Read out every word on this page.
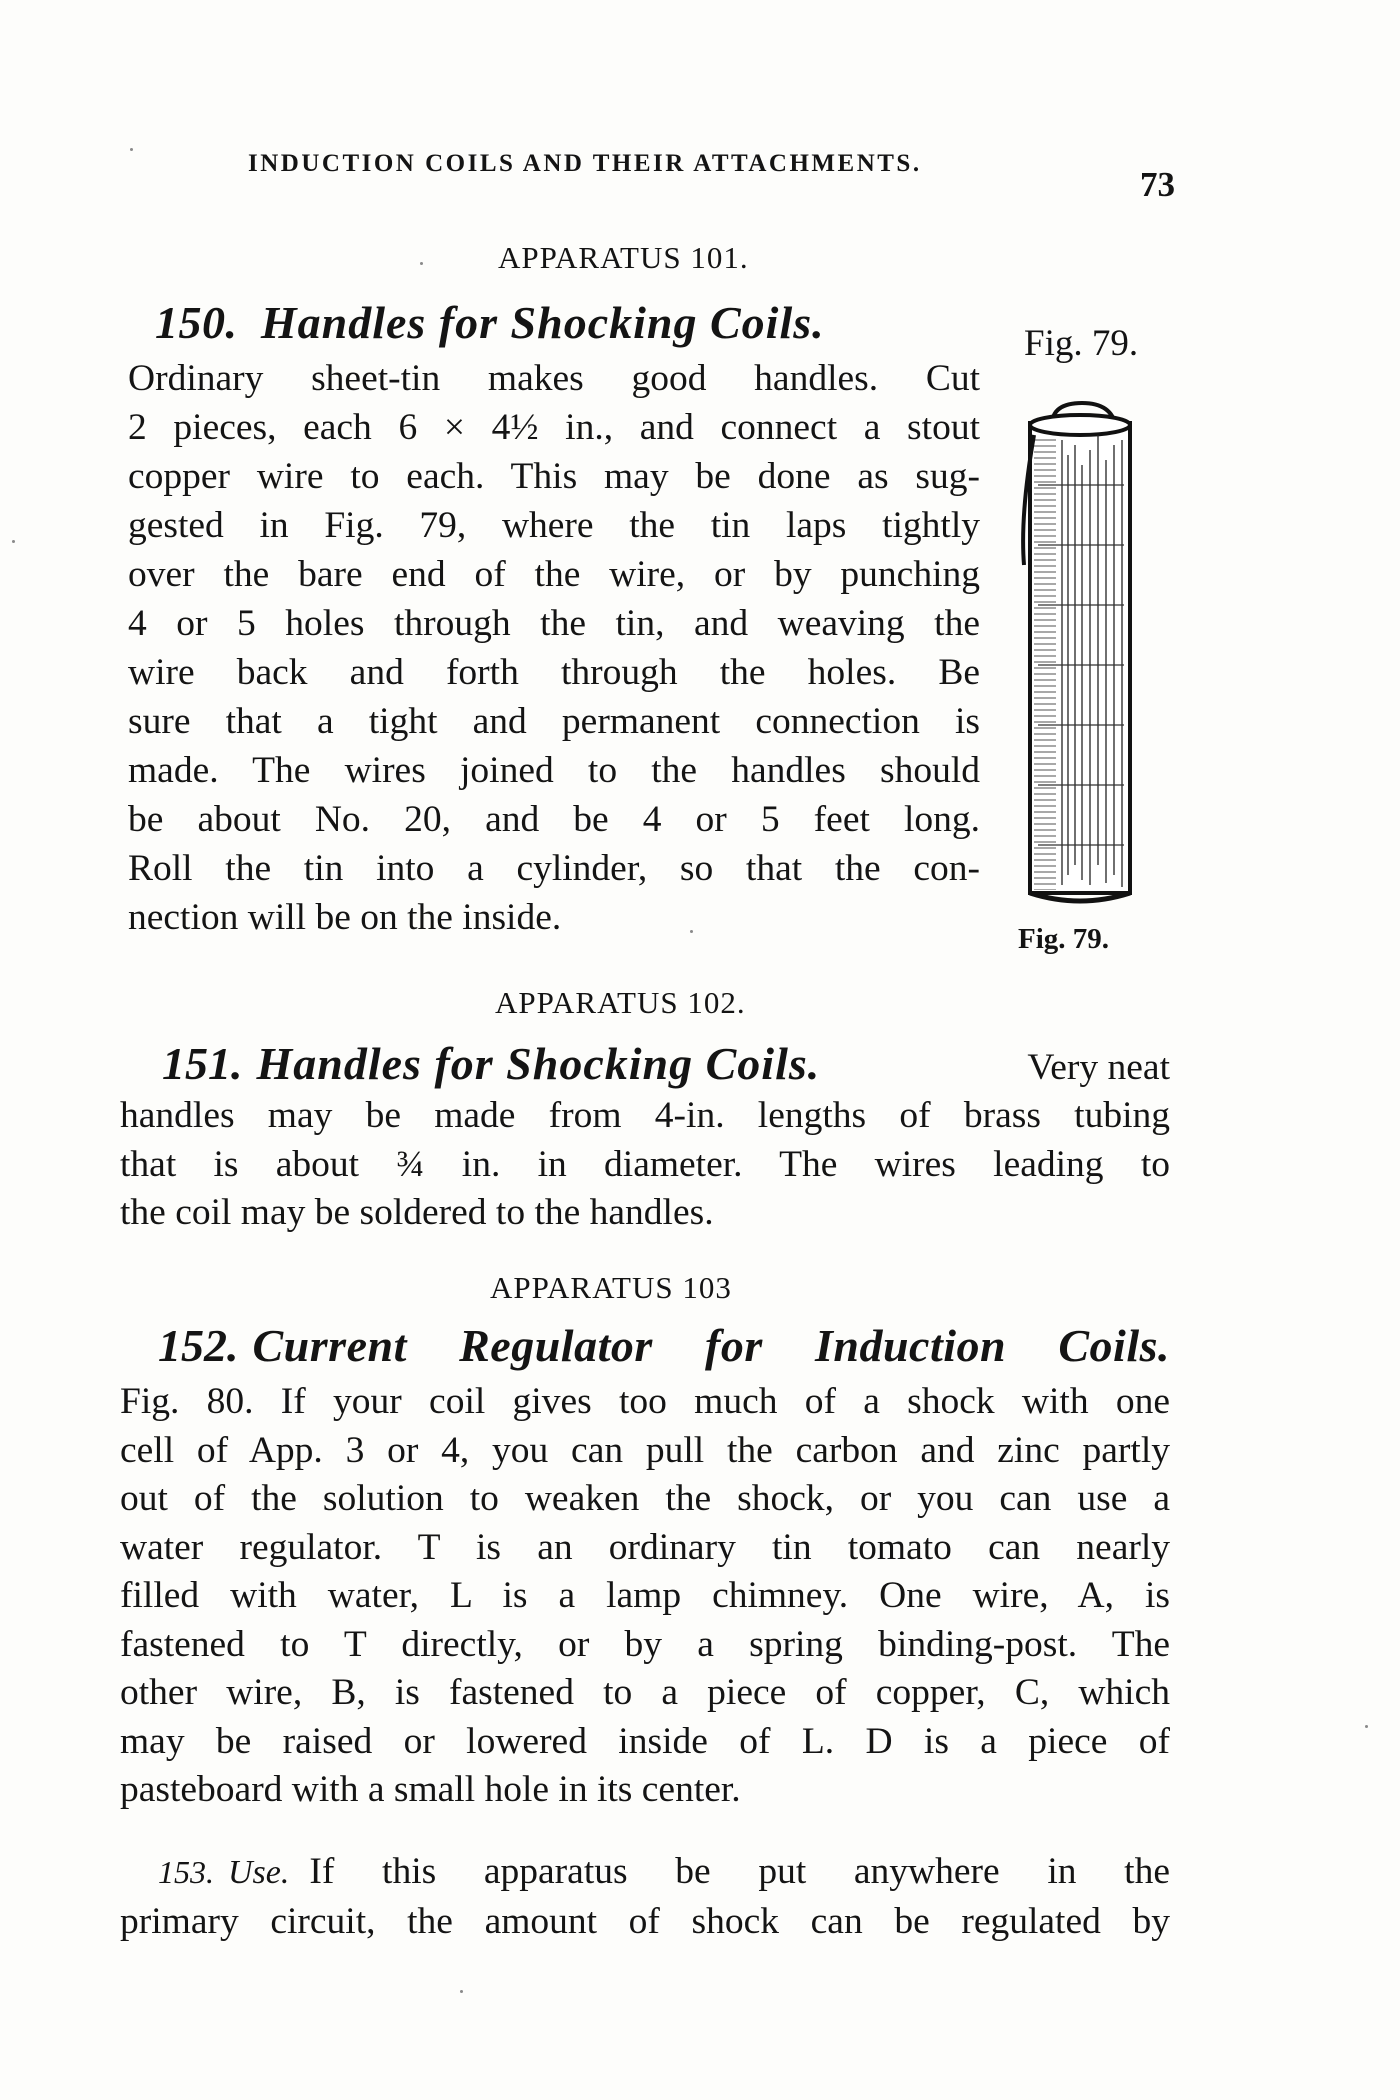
INDUCTION COILS AND THEIR ATTACHMENTS.
73
APPARATUS 101.
150. Handles for Shocking Coils.
Ordinary sheet-tin makes good handles. Cut
2 pieces, each 6 × 4½ in., and connect a stout
copper wire to each. This may be done as sug-
gested in Fig. 79, where the tin laps tightly
over the bare end of the wire, or by punching
4 or 5 holes through the tin, and weaving the
wire back and forth through the holes. Be
sure that a tight and permanent connection is
made. The wires joined to the handles should
be about No. 20, and be 4 or 5 feet long.
Roll the tin into a cylinder, so that the con-
nection will be on the inside.
Fig. 79.
Fig. 79.
APPARATUS 102.
151. Handles for Shocking Coils.	Very neat
handles may be made from 4-in. lengths of brass tubing
that is about ¾ in. in diameter. The wires leading to
the coil may be soldered to the handles.
APPARATUS 103
152. Current Regulator for Induction Coils.
Fig. 80. If your coil gives too much of a shock with one
cell of App. 3 or 4, you can pull the carbon and zinc partly
out of the solution to weaken the shock, or you can use a
water regulator. T is an ordinary tin tomato can nearly
filled with water, L is a lamp chimney. One wire, A, is
fastened to T directly, or by a spring binding-post. The
other wire, B, is fastened to a piece of copper, C, which
may be raised or lowered inside of L. D is a piece of
pasteboard with a small hole in its center.
153. Use. If this apparatus be put anywhere in the
primary circuit, the amount of shock can be regulated by
